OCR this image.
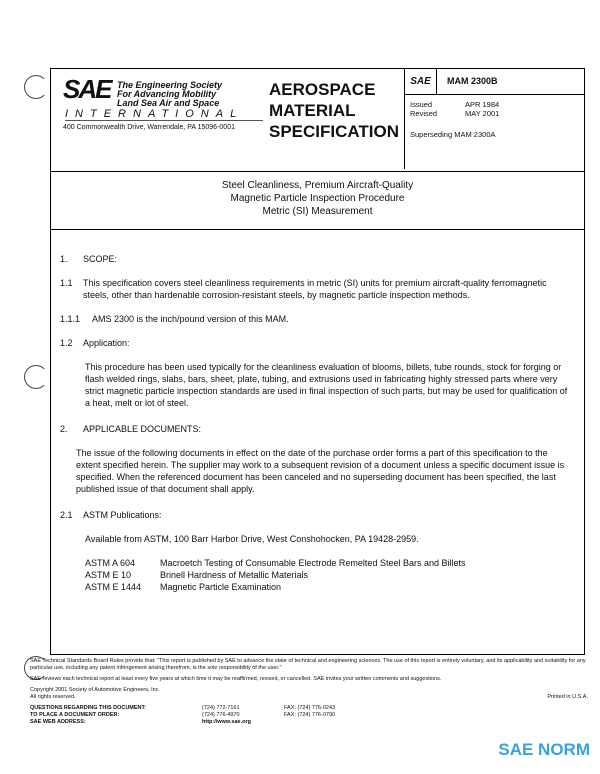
SAE The Engineering Society
For Advancing Mobility
Land Sea Air and Space
INTERNATIONAL
400 Commonwealth Drive, Warrendale, PA 15096-0001
AEROSPACE
MATERIAL
SPECIFICATION
SAE	MAM 2300B
Issued	APR 1984
Revised	MAY 2001
Superseding MAM 2300A
Steel Cleanliness, Premium Aircraft-Quality
Magnetic Particle Inspection Procedure
Metric (SI) Measurement

1. SCOPE:

1.1	This specification covers steel cleanliness requirements in metric (SI) units for premium aircraft-quality ferromagnetic steels, other than hardenable corrosion-resistant steels, by magnetic particle inspection methods.

1.1.1 AMS 2300 is the inch/pound version of this MAM.

1.2 Application:

This procedure has been used typically for the cleanliness evaluation of blooms, billets, tube rounds, stock for forging or flash welded rings, slabs, bars, sheet, plate, tubing, and extrusions used in fabricating highly stressed parts where very strict magnetic particle inspection standards are used in final inspection of such parts, but may be used for qualification of a heat, melt or lot of steel.

2. APPLICABLE DOCUMENTS:

The issue of the following documents in effect on the date of the purchase order forms a part of this specification to the extent specified herein. The supplier may work to a subsequent revision of a document unless a specific document issue is specified. When the referenced document has been canceled and no superseding document has been specified, the last published issue of that document shall apply.

2.1 ASTM Publications:

Available from ASTM, 100 Barr Harbor Drive, West Conshohocken, PA 19428-2959.

ASTM A 604	Macroetch Testing of Consumable Electrode Remelted Steel Bars and Billets
ASTM E 10	Brinell Hardness of Metallic Materials
ASTM E 1444	Magnetic Particle Examination

SAE Technical Standards Board Rules provide that: "This report is published by SAE to advance the state of technical and engineering sciences. The use of this report is entirely voluntary, and its applicability and suitability for any particular use, including any patent infringement arising therefrom, is the sole responsibility of the user."

SAE reviews each technical report at least every five years at which time it may be reaffirmed, revised, or cancelled. SAE invites your written comments and suggestions.

Copyright 2001 Society of Automotive Engineers, Inc.

All rights reserved.	Printed in U.S.A.
QUESTIONS REGARDING THIS DOCUMENT:	(724) 772-7161	FAX: (724) 776-0243
TO PLACE A DOCUMENT ORDER:	(724) 776-4970	FAX: (724) 776-0790
SAE WEB ADDRESS:	http://www.sae.org
SAE NORM
